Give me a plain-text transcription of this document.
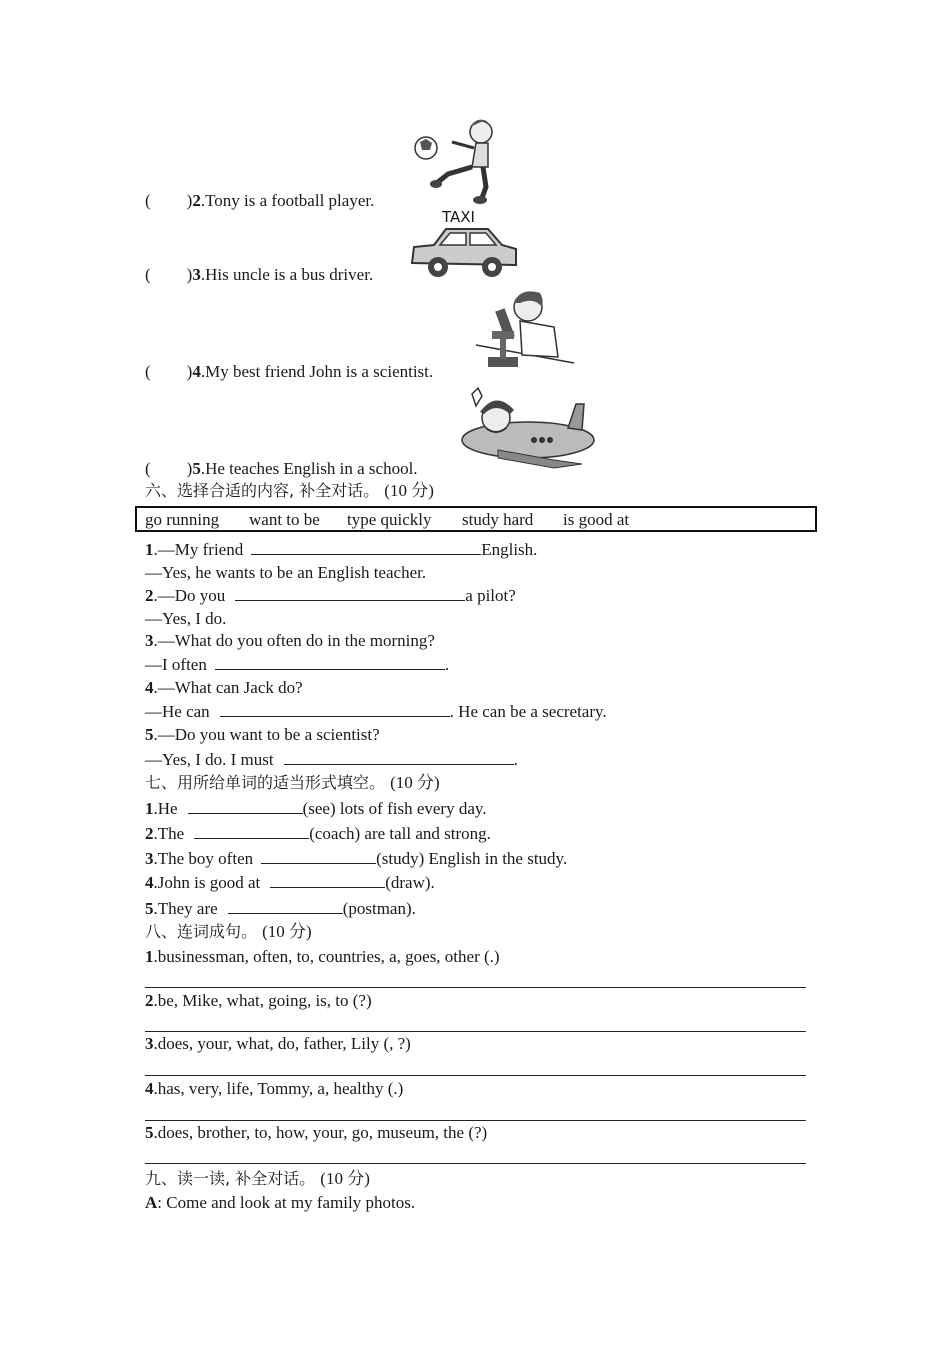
( )2.Tony is a football player.
TAXI
( )3.His uncle is a bus driver.
( )4.My best friend John is a scientist.
( )5.He teaches English in a school.
六、选择合适的内容, 补全对话。 (10 分)
go running want to be type quickly study hard is good at
1.—My friend	English.
—Yes, he wants to be an English teacher.
2.—Do you	a pilot?
—Yes, I do.
3.—What do you often do in the morning?
—I often	.
4.—What can Jack do?
—He can	. He can be a secretary.
5.—Do you want to be a scientist?
—Yes, I do. I must	.
七、用所给单词的适当形式填空。 (10 分)
1.He	(see) lots of fish every day.
2.The	(coach) are tall and strong.
3.The boy often	(study) English in the study.
4.John is good at	(draw).
5.They are	(postman).
八、连词成句。 (10 分)
1.businessman, often, to, countries, a, goes, other (.)
2.be, Mike, what, going, is, to (?)
3.does, your, what, do, father, Lily (, ?)
4.has, very, life, Tommy, a, healthy (.)
5.does, brother, to, how, your, go, museum, the (?)
九、读一读, 补全对话。 (10 分)
A: Come and look at my family photos.
